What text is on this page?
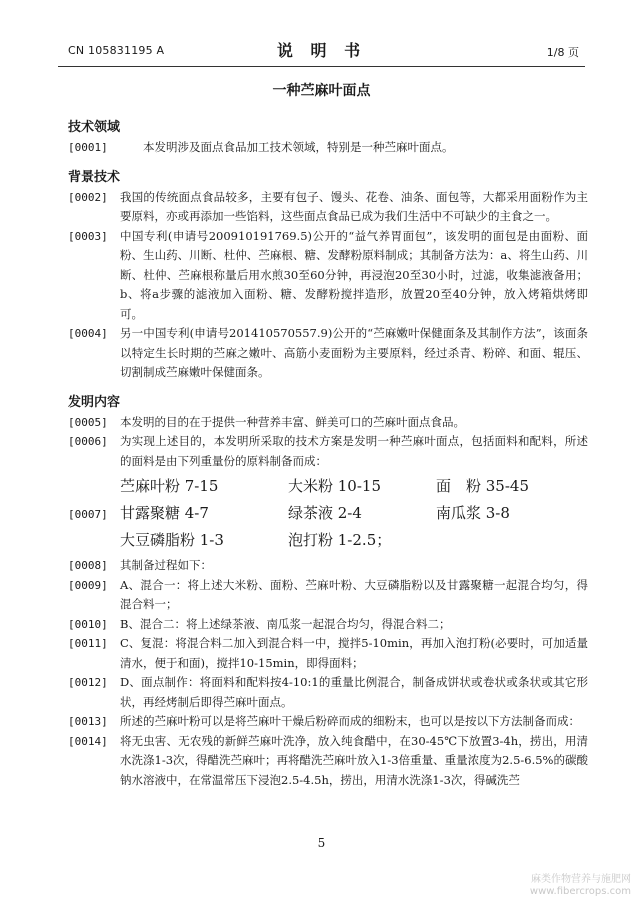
CN 105831195 A	说 明 书	1/8 页
一种苎麻叶面点

技术领域

[0001]	本发明涉及面点食品加工技术领域，特别是一种苎麻叶面点。

背景技术

[0002] 我国的传统面点食品较多，主要有包子、馒头、花卷、油条、面包等，大都采用面粉作为主要原料，亦或再添加一些馅料，这些面点食品已成为我们生活中不可缺少的主食之一。

[0003] 中国专利(申请号200910191769.5)公开的“益气养胃面包”，该发明的面包是由面粉、面粉、生山药、川断、杜仲、苎麻根、糖、发酵粉原料制成；其制备方法为：a、将生山药、川断、杜仲、苎麻根称量后用水煎30至60分钟，再浸泡20至30小时，过滤，收集滤液备用；b、将a步骤的滤液加入面粉、糖、发酵粉搅拌造形，放置20至40分钟，放入烤箱烘烤即可。

[0004] 另一中国专利(申请号201410570557.9)公开的“苎麻嫩叶保健面条及其制作方法”，该面条以特定生长时期的苎麻之嫩叶、高筋小麦面粉为主要原料，经过杀青、粉碎、和面、辊压、切割制成苎麻嫩叶保健面条。

发明内容

[0005] 本发明的目的在于提供一种营养丰富、鲜美可口的苎麻叶面点食品。

[0006] 为实现上述目的，本发明所采取的技术方案是发明一种苎麻叶面点，包括面料和配料，所述的面料是由下列重量份的原料制备而成：

[0007]
苎麻叶粉 7-15	大米粉 10-15	面　粉 35-45
甘露聚糖 4-7	绿茶液 2-4	南瓜浆 3-8
大豆磷脂粉 1-3	泡打粉 1-2.5；

[0008] 其制备过程如下：

[0009] A、混合一：将上述大米粉、面粉、苎麻叶粉、大豆磷脂粉以及甘露聚糖一起混合均匀，得混合料一；

[0010] B、混合二：将上述绿茶液、南瓜浆一起混合均匀，得混合料二；

[0011] C、复混：将混合料二加入到混合料一中，搅拌5-10min，再加入泡打粉(必要时，可加适量清水，便于和面)，搅拌10-15min，即得面料；

[0012] D、面点制作：将面料和配料按4-10:1的重量比例混合，制备成饼状或卷状或条状或其它形状，再经烤制后即得苎麻叶面点。

[0013] 所述的苎麻叶粉可以是将苎麻叶干燥后粉碎而成的细粉末，也可以是按以下方法制备而成：

[0014] 将无虫害、无农残的新鲜苎麻叶洗净，放入纯食醋中，在30-45℃下放置3-4h，捞出，用清水洗涤1-3次，得醋洗苎麻叶；再将醋洗苎麻叶放入1-3倍重量、重量浓度为2.5-6.5%的碳酸钠水溶液中，在常温常压下浸泡2.5-4.5h，捞出，用清水洗涤1-3次，得碱洗苎

5
麻类作物营养与施肥网
www.fibercrops.com
